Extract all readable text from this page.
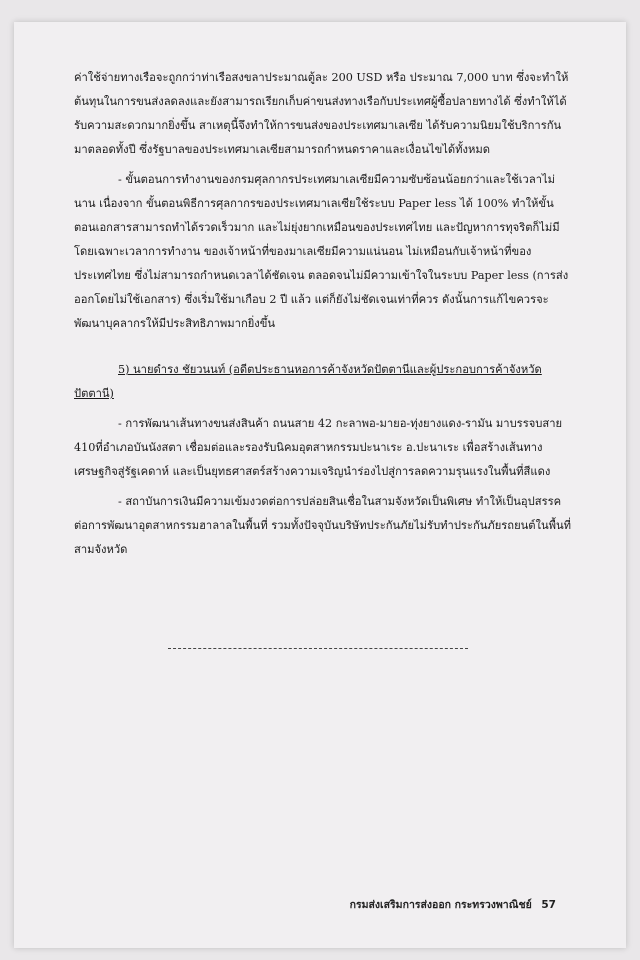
ค่าใช้จ่ายทางเรือจะถูกกว่าท่าเรือสงขลาประมาณตู้ละ 200 USD หรือ ประมาณ 7,000 บาท ซึ่งจะทำให้ต้นทุนในการขนส่งลดลงและยังสามารถเรียกเก็บค่าขนส่งทางเรือกับประเทศผู้ซื้อปลายทางได้ ซึ่งทำให้ได้รับความสะดวกมากยิ่งขึ้น สาเหตุนี้จึงทำให้การขนส่งของประเทศมาเลเซีย ได้รับความนิยมใช้บริการกันมาตลอดทั้งปี ซึ่งรัฐบาลของประเทศมาเลเซียสามารถกำหนดราคาและเงื่อนไขได้ทั้งหมด

- ขั้นตอนการทำงานของกรมศุลกากรประเทศมาเลเซียมีความซับซ้อนน้อยกว่าและใช้เวลาไม่นาน เนื่องจาก ขั้นตอนพิธีการศุลกากรของประเทศมาเลเซียใช้ระบบ Paper less ได้ 100% ทำให้ขั้นตอนเอกสารสามารถทำได้รวดเร็วมาก และไม่ยุ่งยากเหมือนของประเทศไทย และปัญหาการทุจริตก็ไม่มีโดยเฉพาะเวลาการทำงาน ของเจ้าหน้าที่ของมาเลเซียมีความแน่นอน ไม่เหมือนกับเจ้าหน้าที่ของประเทศไทย ซึ่งไม่สามารถกำหนดเวลาได้ชัดเจน ตลอดจนไม่มีความเข้าใจในระบบ Paper less (การส่งออกโดยไม่ใช้เอกสาร) ซึ่งเริ่มใช้มาเกือบ 2 ปี แล้ว แต่ก็ยังไม่ชัดเจนเท่าที่ควร ดังนั้นการแก้ไขควรจะพัฒนาบุคลากรให้มีประสิทธิภาพมากยิ่งขึ้น

5) นายดำรง ชัยวนนท์ (อดีตประธานหอการค้าจังหวัดปัตตานีและผู้ประกอบการค้าจังหวัดปัตตานี)

- การพัฒนาเส้นทางขนส่งสินค้า ถนนสาย 42 กะลาพอ-มายอ-ทุ่งยางแดง-รามัน มาบรรจบสาย 410ที่อำเภอบันนังสตา เชื่อมต่อและรองรับนิคมอุตสาหกรรมปะนาเระ อ.ปะนาเระ เพื่อสร้างเส้นทางเศรษฐกิจสู่รัฐเคดาห์ และเป็นยุทธศาสตร์สร้างความเจริญนำร่องไปสู่การลดความรุนแรงในพื้นที่สีแดง

- สถาบันการเงินมีความเข้มงวดต่อการปล่อยสินเชื่อในสามจังหวัดเป็นพิเศษ ทำให้เป็นอุปสรรคต่อการพัฒนาอุตสาหกรรมฮาลาลในพื้นที่ รวมทั้งปัจจุบันบริษัทประกันภัยไม่รับทำประกันภัยรถยนต์ในพื้นที่สามจังหวัด

กรมส่งเสริมการส่งออก กระทรวงพาณิชย์ 57
